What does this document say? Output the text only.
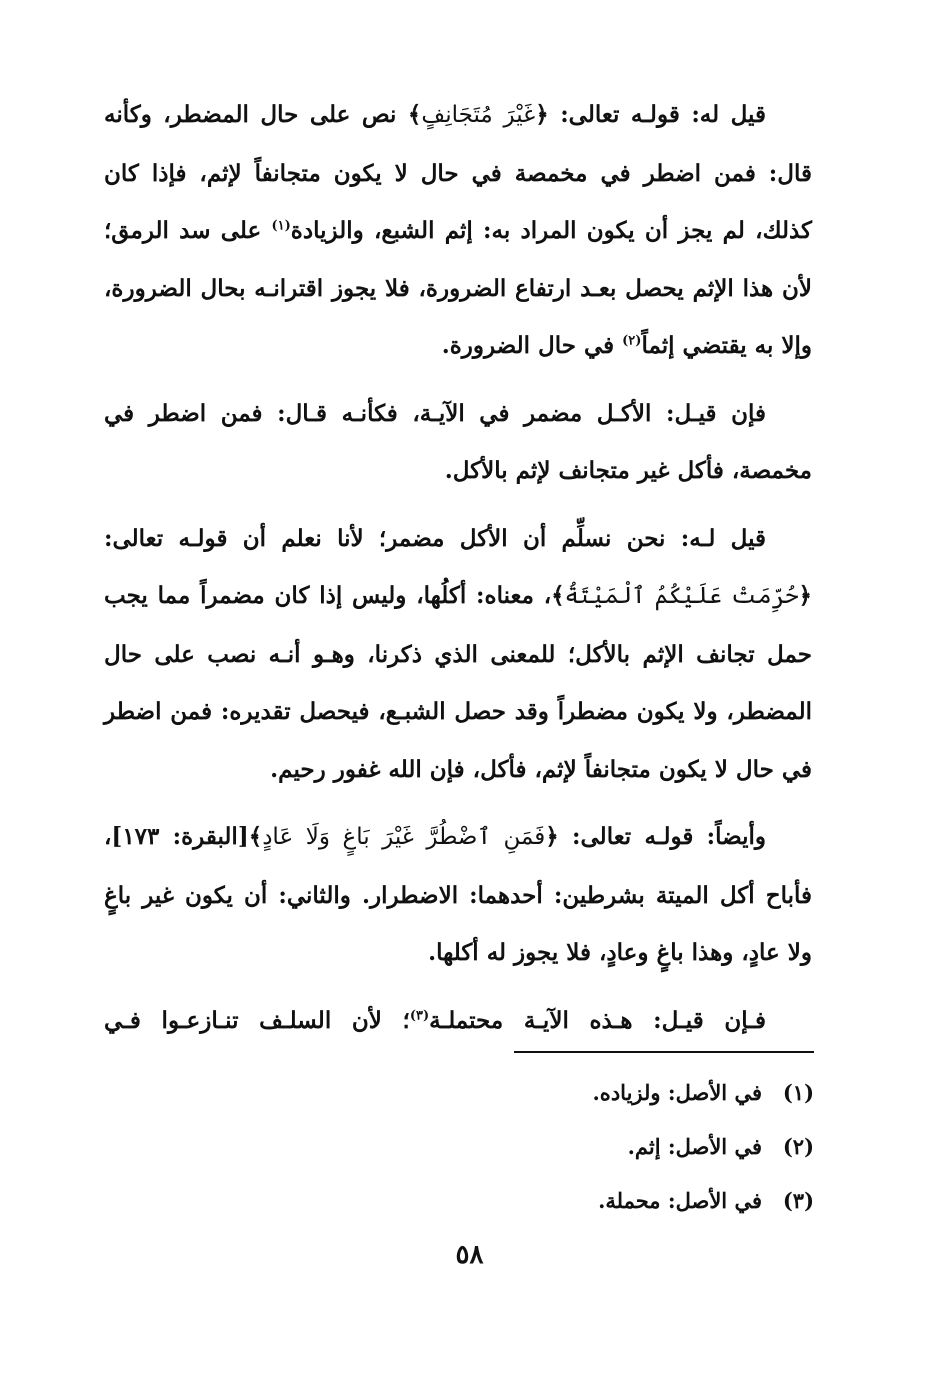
قيل له: قولـه تعالى: ﴿غَيْرَ مُتَجَانِفٍ﴾ نص على حال المضطر، وكأنه قال: فمن اضطر في مخمصة في حال لا يكون متجانفاً لإثم، فإذا كان كذلك، لم يجز أن يكون المراد به: إثم الشبع، والزيادة$^{(١)}$ على سد الرمق؛ لأن هذا الإثم يحصل بعـد ارتفاع الضرورة، فلا يجوز اقترانـه بحال الضرورة، وإلا به يقتضي إثماً$^{(٢)}$ في حال الضرورة.

فإن قيـل: الأكـل مضمر في الآيـة، فكأنـه قـال: فمن اضطر في مخمصة، فأكل غير متجانف لإثم بالأكل.

قيل لـه: نحن نسلِّم أن الأكل مضمر؛ لأنا نعلم أن قولـه تعالى: ﴿حُرِّمَتْ عَلَيْكُمُ ٱلْمَيْتَةُ﴾، معناه: أكلُها، وليس إذا كان مضمراً مما يجب حمل تجانف الإثم بالأكل؛ للمعنى الذي ذكرنا، وهـو أنـه نصب على حال المضطر، ولا يكون مضطراً وقد حصل الشبـع، فيحصل تقديره: فمن اضطر في حال لا يكون متجانفاً لإثم، فأكل، فإن الله غفور رحيم.

وأيضاً: قولـه تعالى: ﴿فَمَنِ ٱضْطُرَّ غَيْرَ بَاغٍ وَلَا عَادٍ﴾[البقرة: ١٧٣]، فأباح أكل الميتة بشرطين: أحدهما: الاضطرار. والثاني: أن يكون غير باغٍ ولا عادٍ، وهذا باغٍ وعادٍ، فلا يجوز له أكلها.

فـإن قيـل: هـذه الآيـة محتملـة$^{(٣)}$؛ لأن السلـف تنـازعـوا فـي

(١)في الأصل: ولزياده.
(٢)في الأصل: إثم.
(٣)في الأصل: محملة.
٥٨
